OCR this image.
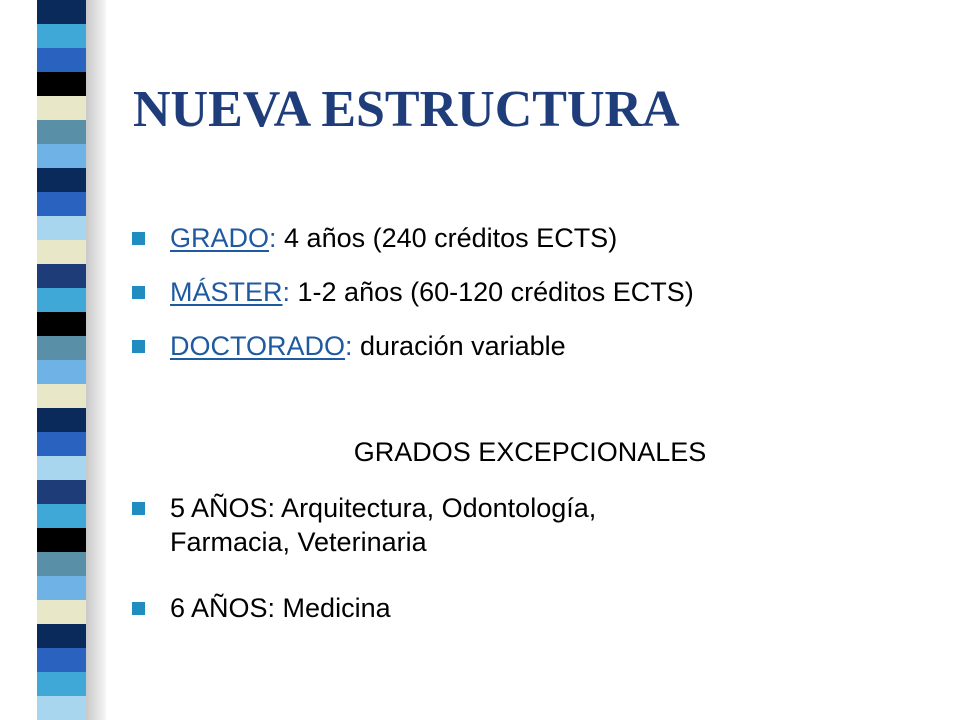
NUEVA ESTRUCTURA
GRADO: 4 años (240 créditos ECTS)
MÁSTER: 1-2 años (60-120 créditos ECTS)
DOCTORADO: duración variable
GRADOS EXCEPCIONALES
5 AÑOS: Arquitectura, Odontología,
Farmacia, Veterinaria
6 AÑOS: Medicina
